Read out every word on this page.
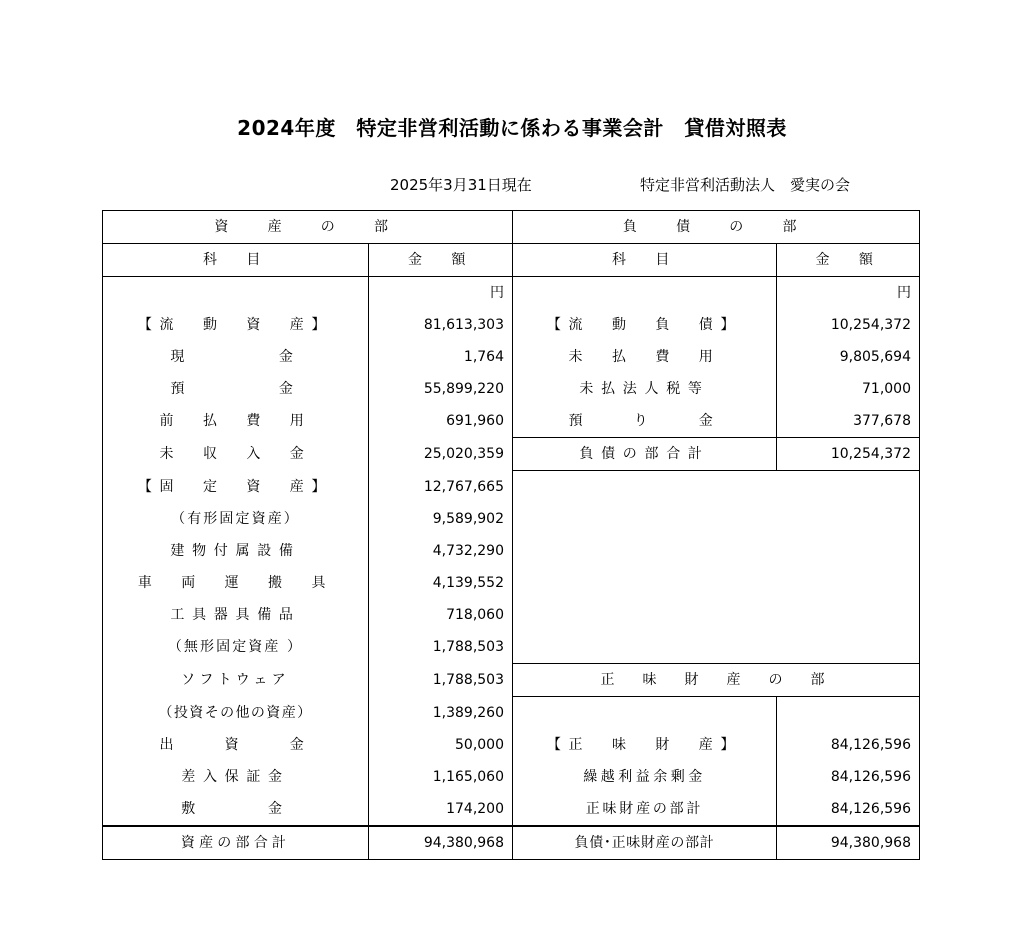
2024年度　特定非営利活動に係わる事業会計　貸借対照表
2025年3月31日現在	特定非営利活動法人　愛実の会
資　産　の　部		負　債　の　部	
科　目	金　額	科　目	金　額
	円		円
【流　動　資　産】	81,613,303	【流　動　負　債】	10,254,372
現　　　　金	1,764	未　払　費　用	9,805,694
預　　　　金	55,899,220	未払法人税等	71,000
前　払　費　用	691,960	預　　り　　金	377,678
未　収　入　金	25,020,359	負債の部合計	10,254,372
【固　定　資　産】	12,767,665		
（有形固定資産）	9,589,902		
建物付属設備	4,732,290		
車　両　運　搬　具	4,139,552		
工具器具備品	718,060		
（無形固定資産 ）	1,788,503		
ソフトウェア	1,788,503	正　味　財　産　の　部	
（投資その他の資産）	1,389,260		
出　　資　　金	50,000	【正　味　財　産】	84,126,596
差入保証金	1,165,060	繰越利益余剰金	84,126,596
敷　　　金	174,200	正味財産の部計	84,126,596
資産の部合計	94,380,968	負債･正味財産の部計	94,380,968
